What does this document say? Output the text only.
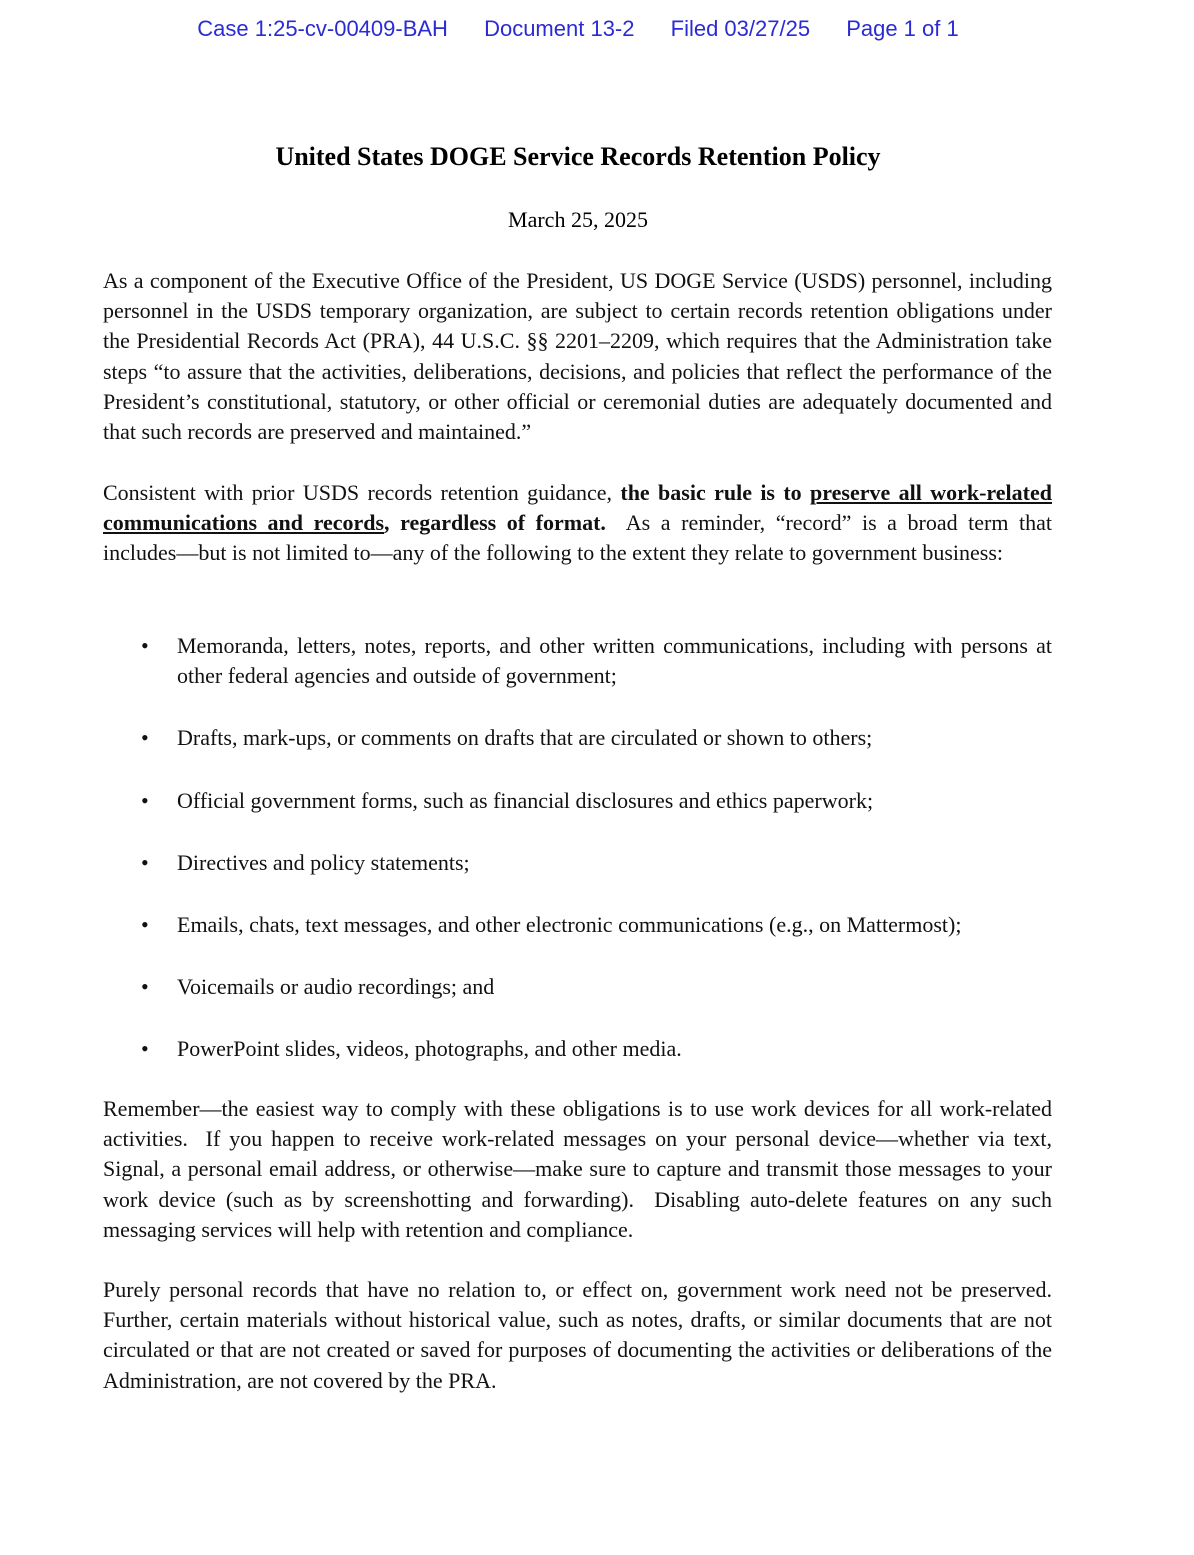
Case 1:25-cv-00409-BAH Document 13-2 Filed 03/27/25 Page 1 of 1
United States DOGE Service Records Retention Policy
March 25, 2025

As a component of the Executive Office of the President, US DOGE Service (USDS) personnel, including personnel in the USDS temporary organization, are subject to certain records retention obligations under the Presidential Records Act (PRA), 44 U.S.C. §§ 2201–2209, which requires that the Administration take steps “to assure that the activities, deliberations, decisions, and policies that reflect the performance of the President’s constitutional, statutory, or other official or ceremonial duties are adequately documented and that such records are preserved and maintained.”

Consistent with prior USDS records retention guidance, the basic rule is to preserve all work-related communications and records, regardless of format.  As a reminder, “record” is a broad term that includes—but is not limited to—any of the following to the extent they relate to government business:

• Memoranda, letters, notes, reports, and other written communications, including with persons at other federal agencies and outside of government;
• Drafts, mark-ups, or comments on drafts that are circulated or shown to others;
• Official government forms, such as financial disclosures and ethics paperwork;
• Directives and policy statements;
• Emails, chats, text messages, and other electronic communications (e.g., on Mattermost);
• Voicemails or audio recordings; and
• PowerPoint slides, videos, photographs, and other media.

Remember—the easiest way to comply with these obligations is to use work devices for all work-related activities.  If you happen to receive work-related messages on your personal device—whether via text, Signal, a personal email address, or otherwise—make sure to capture and transmit those messages to your work device (such as by screenshotting and forwarding).  Disabling auto-delete features on any such messaging services will help with retention and compliance.

Purely personal records that have no relation to, or effect on, government work need not be preserved.  Further, certain materials without historical value, such as notes, drafts, or similar documents that are not circulated or that are not created or saved for purposes of documenting the activities or deliberations of the Administration, are not covered by the PRA.
